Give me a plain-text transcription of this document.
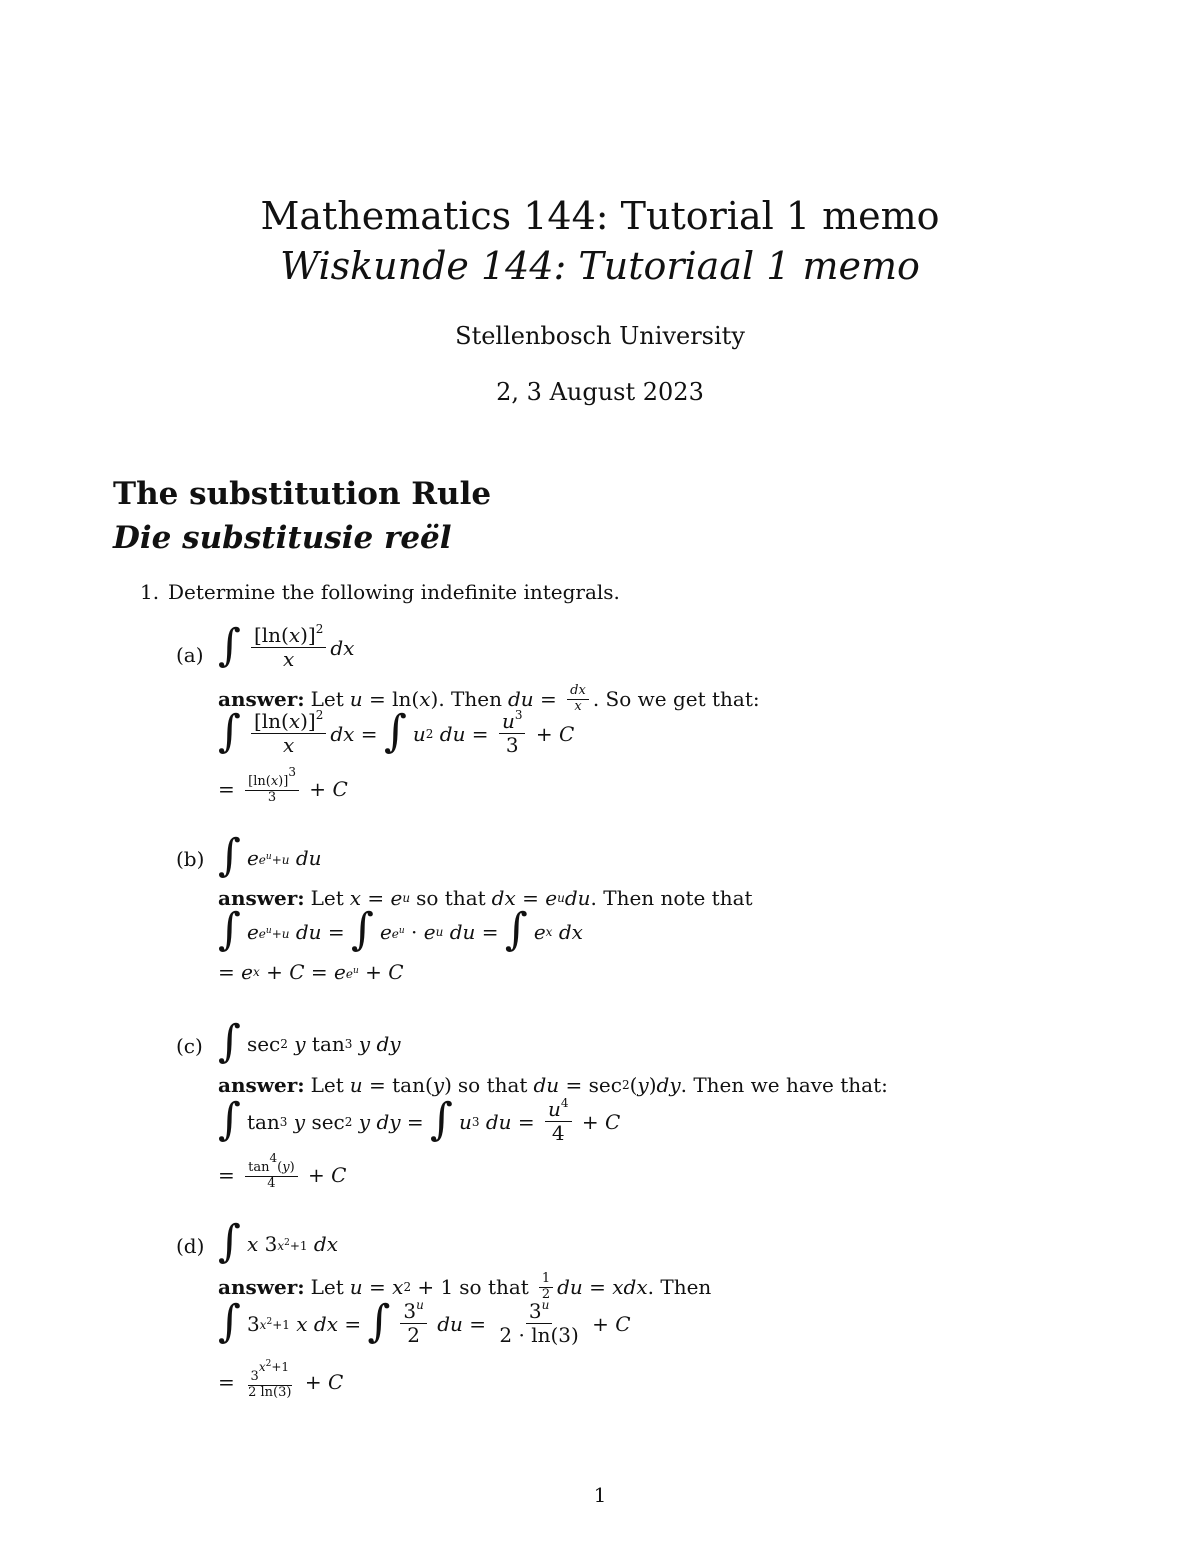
Mathematics 144: Tutorial 1 memo
Wiskunde 144: Tutoriaal 1 memo
Stellenbosch University
2, 3 August 2023
The substitution Rule
Die substitusie reël
1. Determine the following indefinite integrals.
(a) ∫ $\frac{[\ln(x)]^2}{x}$ dx
answer: Let u = ln( x ) . Then du = $\frac{dx}{x}$ . So we get that:
∫ $\frac{[\ln(x)]^2}{x}$ dx = ∫ u 2
du = $\frac{u^3}{3} + C$
= $\frac{[\ln(x)]^3}{3} + C$
(b) ∫ e $e^u+u$
du
answer: Let x = e u so that dx = e u du . Then note that
∫ e $e^u+u$
du = ∫ e $e^u \cdot e$ u
du = ∫ e x
dx
= e x + C = e $e^u + C$
(c) ∫ sec 2
y tan 3
y
dy
answer: Let u = tan( y ) so that du = sec 2 ( y ) dy . Then we have that:
∫ tan 3
y sec 2
y
dy = ∫ u 3
du = $\frac{u^4}{4} + C$
= $\frac{\tan^4(y)}{4} + C$
(d) ∫ x 3 $x^2+1$
dx
answer: Let u = x 2 + 1 so that $\frac{1}{2}$ du = xdx . Then
∫ 3 $x^2+1$
x
dx = ∫ $\frac{3^u}{2}$
du = $\frac{3^u}{2 \cdot \ln(3)} + C$
= $\frac{3^{x^2+1}}{2 \ln(3)} + C$
1
